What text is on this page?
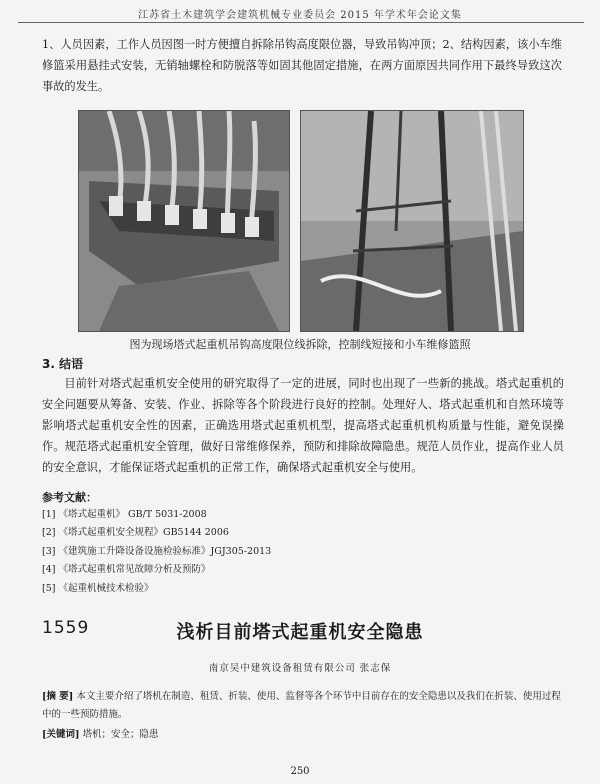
江苏省土木建筑学会建筑机械专业委员会 2015 年学术年会论文集

1、人员因素，工作人员因图一时方便擅自拆除吊钩高度限位器，导致吊钩冲顶；2、结构因素，该小车维修篮采用悬挂式安装，无销轴螺栓和防脱落等如固其他固定措施，在两方面原因共同作用下最终导致这次事故的发生。

图为现场塔式起重机吊钩高度限位线拆除，控制线短接和小车维修篮照
3. 结语

目前针对塔式起重机安全使用的研究取得了一定的进展，同时也出现了一些新的挑战。塔式起重机的安全问题要从筹备、安装、作业、拆除等各个阶段进行良好的控制。处理好人、塔式起重机和自然环境等影响塔式起重机安全性的因素，正确选用塔式起重机机型，提高塔式起重机机构质量与性能，避免误操作。规范塔式起重机安全管理，做好日常维修保养，预防和排除故障隐患。规范人员作业，提高作业人员的安全意识，才能保证塔式起重机的正常工作，确保塔式起重机安全与使用。

参考文献：
[1] 《塔式起重机》 GB/T 5031-2008
[2] 《塔式起重机安全规程》GB5144 2006
[3] 《建筑施工升降设备设施检验标准》JGJ305-2013
[4] 《塔式起重机常见故障分析及预防》
[5] 《起重机械技术检验》
1559	浅析目前塔式起重机安全隐患
南京吴中建筑设备租赁有限公司 张志保

[摘 要] 本文主要介绍了塔机在制造、租赁、折装、使用、监督等各个环节中目前存在的安全隐患以及我们在折装、使用过程中的一些预防措施。

[关键词] 塔机；安全；隐患

250
